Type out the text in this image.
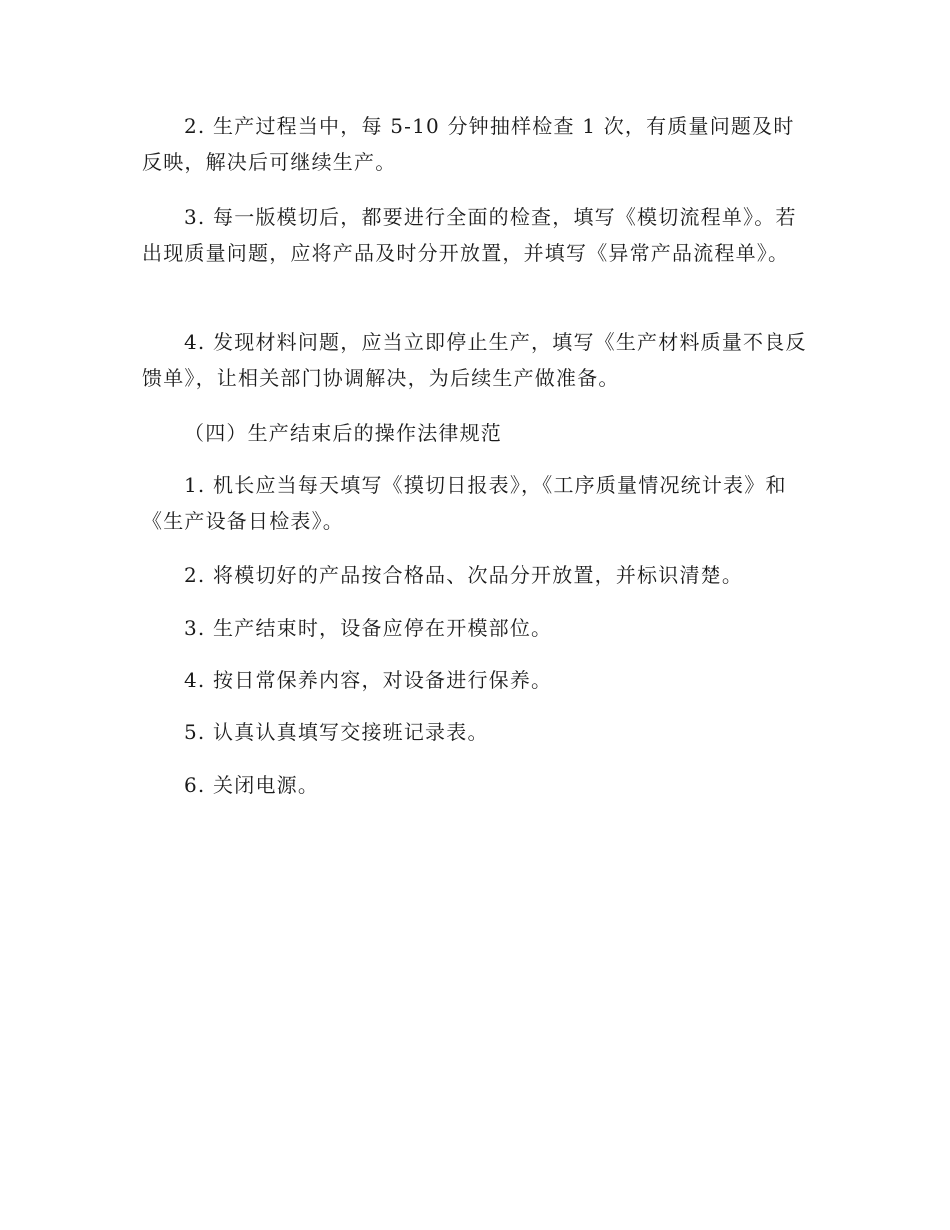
2. 生产过程当中，每 5-10 分钟抽样检查 1 次，有质量问题及时反映，解决后可继续生产。

3. 每一版模切后，都要进行全面的检查，填写《模切流程单》。若出现质量问题，应将产品及时分开放置，并填写《异常产品流程单》。

4. 发现材料问题，应当立即停止生产，填写《生产材料质量不良反馈单》，让相关部门协调解决，为后续生产做准备。

（四）生产结束后的操作法律规范

1. 机长应当每天填写《摸切日报表》，《工序质量情况统计表》和《生产设备日检表》。

2. 将模切好的产品按合格品、次品分开放置，并标识清楚。

3. 生产结束时，设备应停在开模部位。

4. 按日常保养内容，对设备进行保养。

5. 认真认真填写交接班记录表。

6. 关闭电源。
